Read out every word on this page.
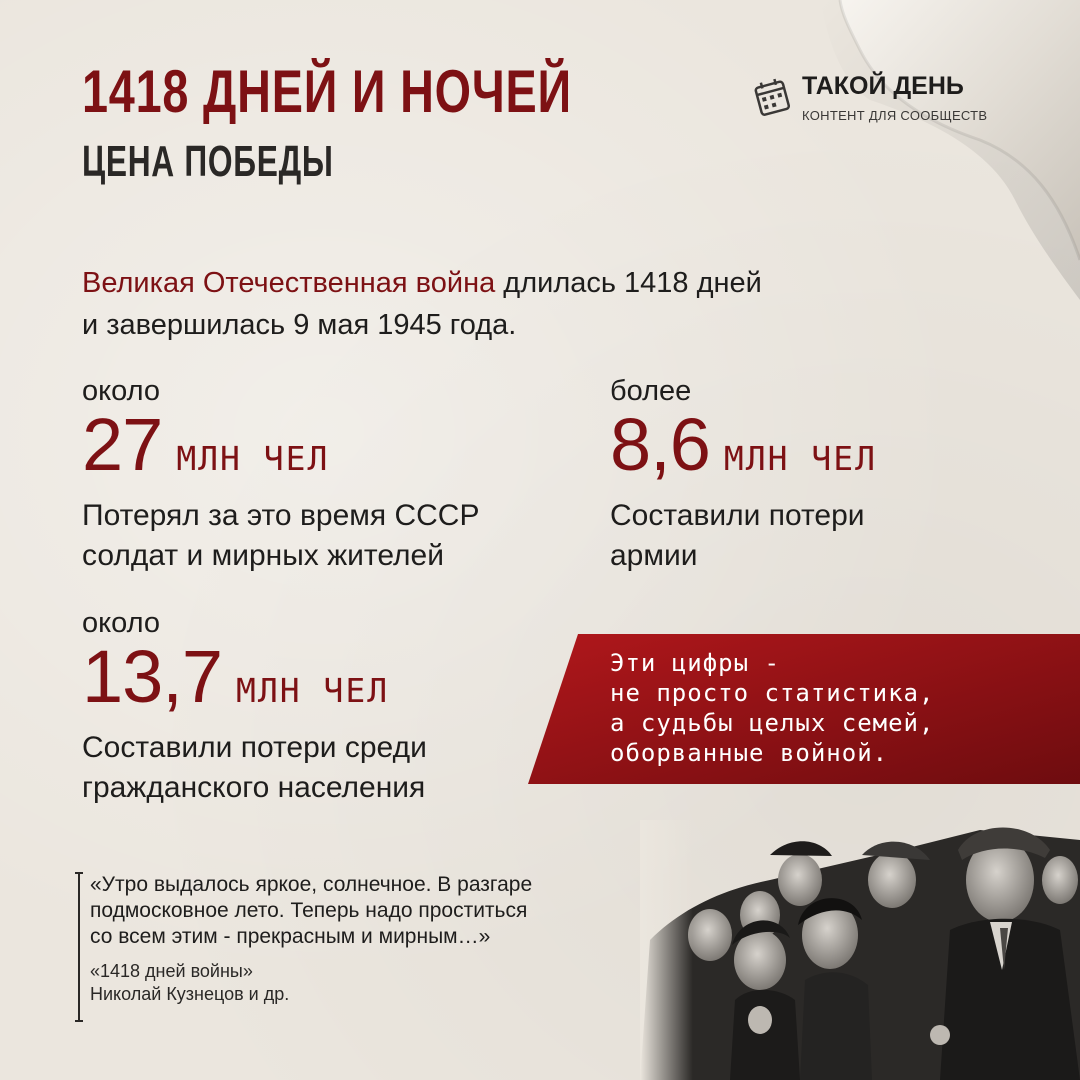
1418 ДНЕЙ И НОЧЕЙ
ЦЕНА ПОБЕДЫ
ТАКОЙ ДЕНЬ
КОНТЕНТ ДЛЯ СООБЩЕСТВ
Великая Отечественная война длилась 1418 дней
и завершилась 9 мая 1945 года.
около
27 МЛН ЧЕЛ
Потерял за это время СССР
солдат и мирных жителей
более
8,6 МЛН ЧЕЛ
Составили потери
армии
около
13,7 МЛН ЧЕЛ
Составили потери среди
гражданского населения
Эти цифры -
не просто статистика,
а судьбы целых семей,
оборванные войной.
«Утро выдалось яркое, солнечное. В разгаре
подмосковное лето. Теперь надо проститься
со всем этим - прекрасным и мирным…»
«1418 дней войны»
Николай Кузнецов и др.
